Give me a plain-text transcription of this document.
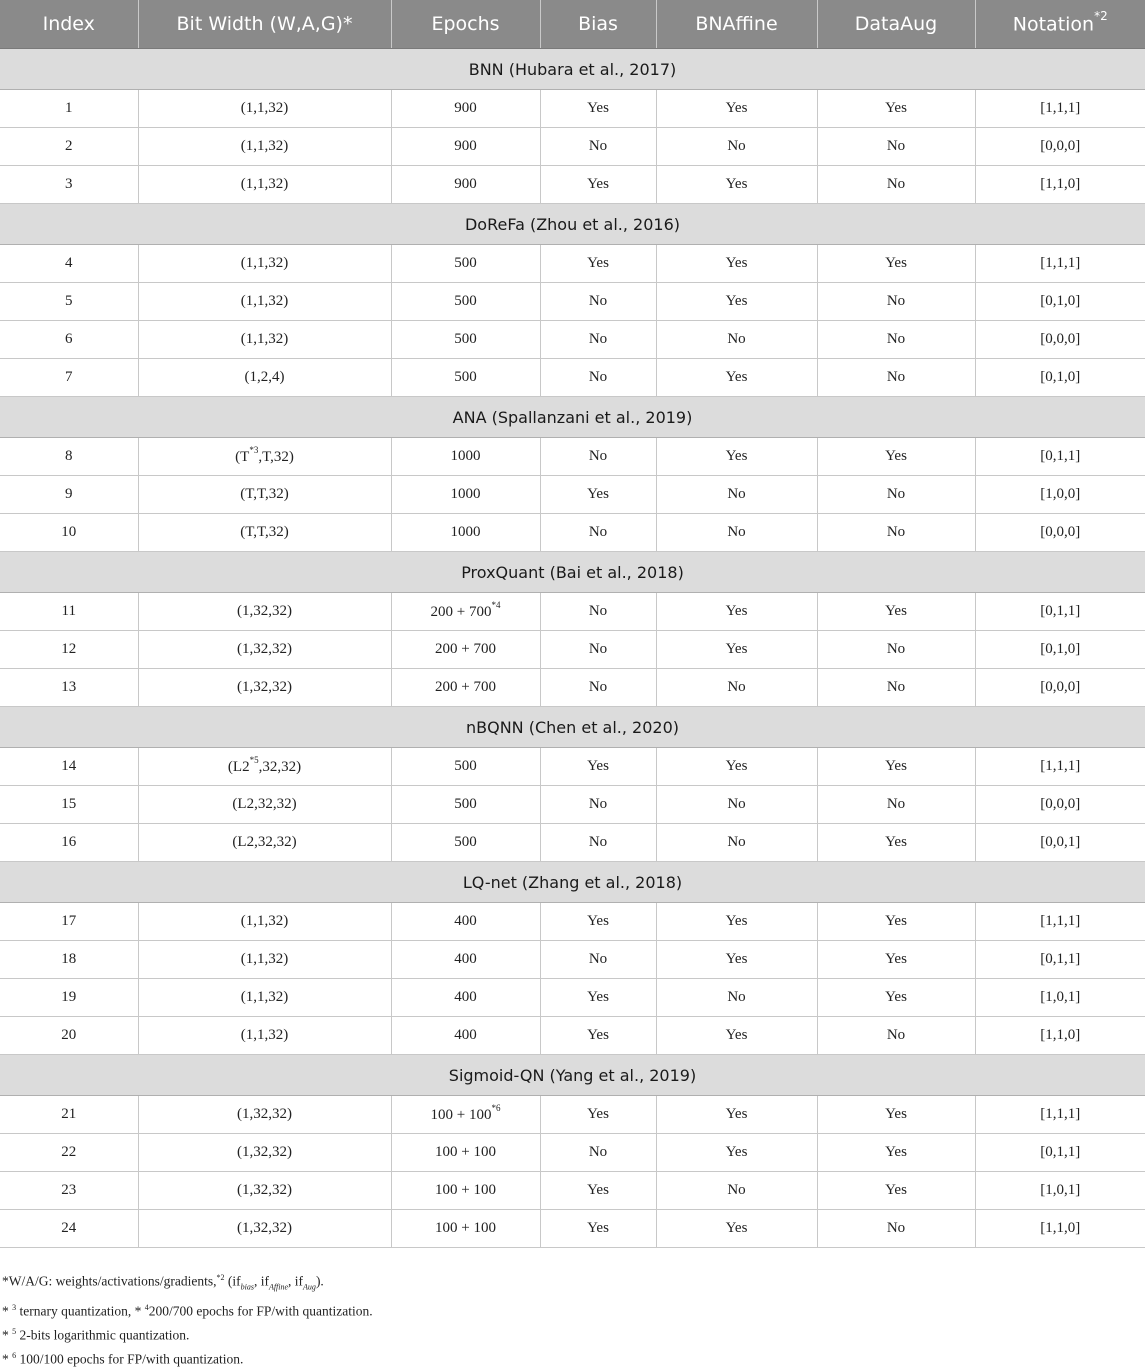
Index	Bit Width (W,A,G)*	Epochs	Bias	BNAffine	DataAug	Notation$^{*2}$
BNN (Hubara et al., 2017)						
1	(1,1,32)	900	Yes	Yes	Yes	[1,1,1]
2	(1,1,32)	900	No	No	No	[0,0,0]
3	(1,1,32)	900	Yes	Yes	No	[1,1,0]
DoReFa (Zhou et al., 2016)						
4	(1,1,32)	500	Yes	Yes	Yes	[1,1,1]
5	(1,1,32)	500	No	Yes	No	[0,1,0]
6	(1,1,32)	500	No	No	No	[0,0,0]
7	(1,2,4)	500	No	Yes	No	[0,1,0]
ANA (Spallanzani et al., 2019)						
8	$(T^{*3},T,32)$	1000	No	Yes	Yes	[0,1,1]
9	(T,T,32)	1000	Yes	No	No	[1,0,0]
10	(T,T,32)	1000	No	No	No	[0,0,0]
ProxQuant (Bai et al., 2018)						
11	(1,32,32)	$200 + 700^{*4}$	No	Yes	Yes	[0,1,1]
12	(1,32,32)	200 + 700	No	Yes	No	[0,1,0]
13	(1,32,32)	200 + 700	No	No	No	[0,0,0]
nBQNN (Chen et al., 2020)						
14	(L2$^{*5}$,32,32)	500	Yes	Yes	Yes	[1,1,1]
15	(L2,32,32)	500	No	No	No	[0,0,0]
16	(L2,32,32)	500	No	No	Yes	[0,0,1]
LQ-net (Zhang et al., 2018)						
17	(1,1,32)	400	Yes	Yes	Yes	[1,1,1]
18	(1,1,32)	400	No	Yes	Yes	[0,1,1]
19	(1,1,32)	400	Yes	No	Yes	[1,0,1]
20	(1,1,32)	400	Yes	Yes	No	[1,1,0]
Sigmoid-QN (Yang et al., 2019)						
21	(1,32,32)	$100 + 100^{*6}$	Yes	Yes	Yes	[1,1,1]
22	(1,32,32)	100 + 100	No	Yes	Yes	[0,1,1]
23	(1,32,32)	100 + 100	Yes	No	Yes	[1,0,1]
24	(1,32,32)	100 + 100	Yes	Yes	No	[1,1,0]
*W/A/G: weights/activations/gradients,$^{*2}$ ($if_{bias}$, $if_{Affine}$, $if_{Aug}$).
* $^3$ ternary quantization, * $^4$200/700 epochs for FP/with quantization.
* $^5$ 2-bits logarithmic quantization.
* $^6$ 100/100 epochs for FP/with quantization.
